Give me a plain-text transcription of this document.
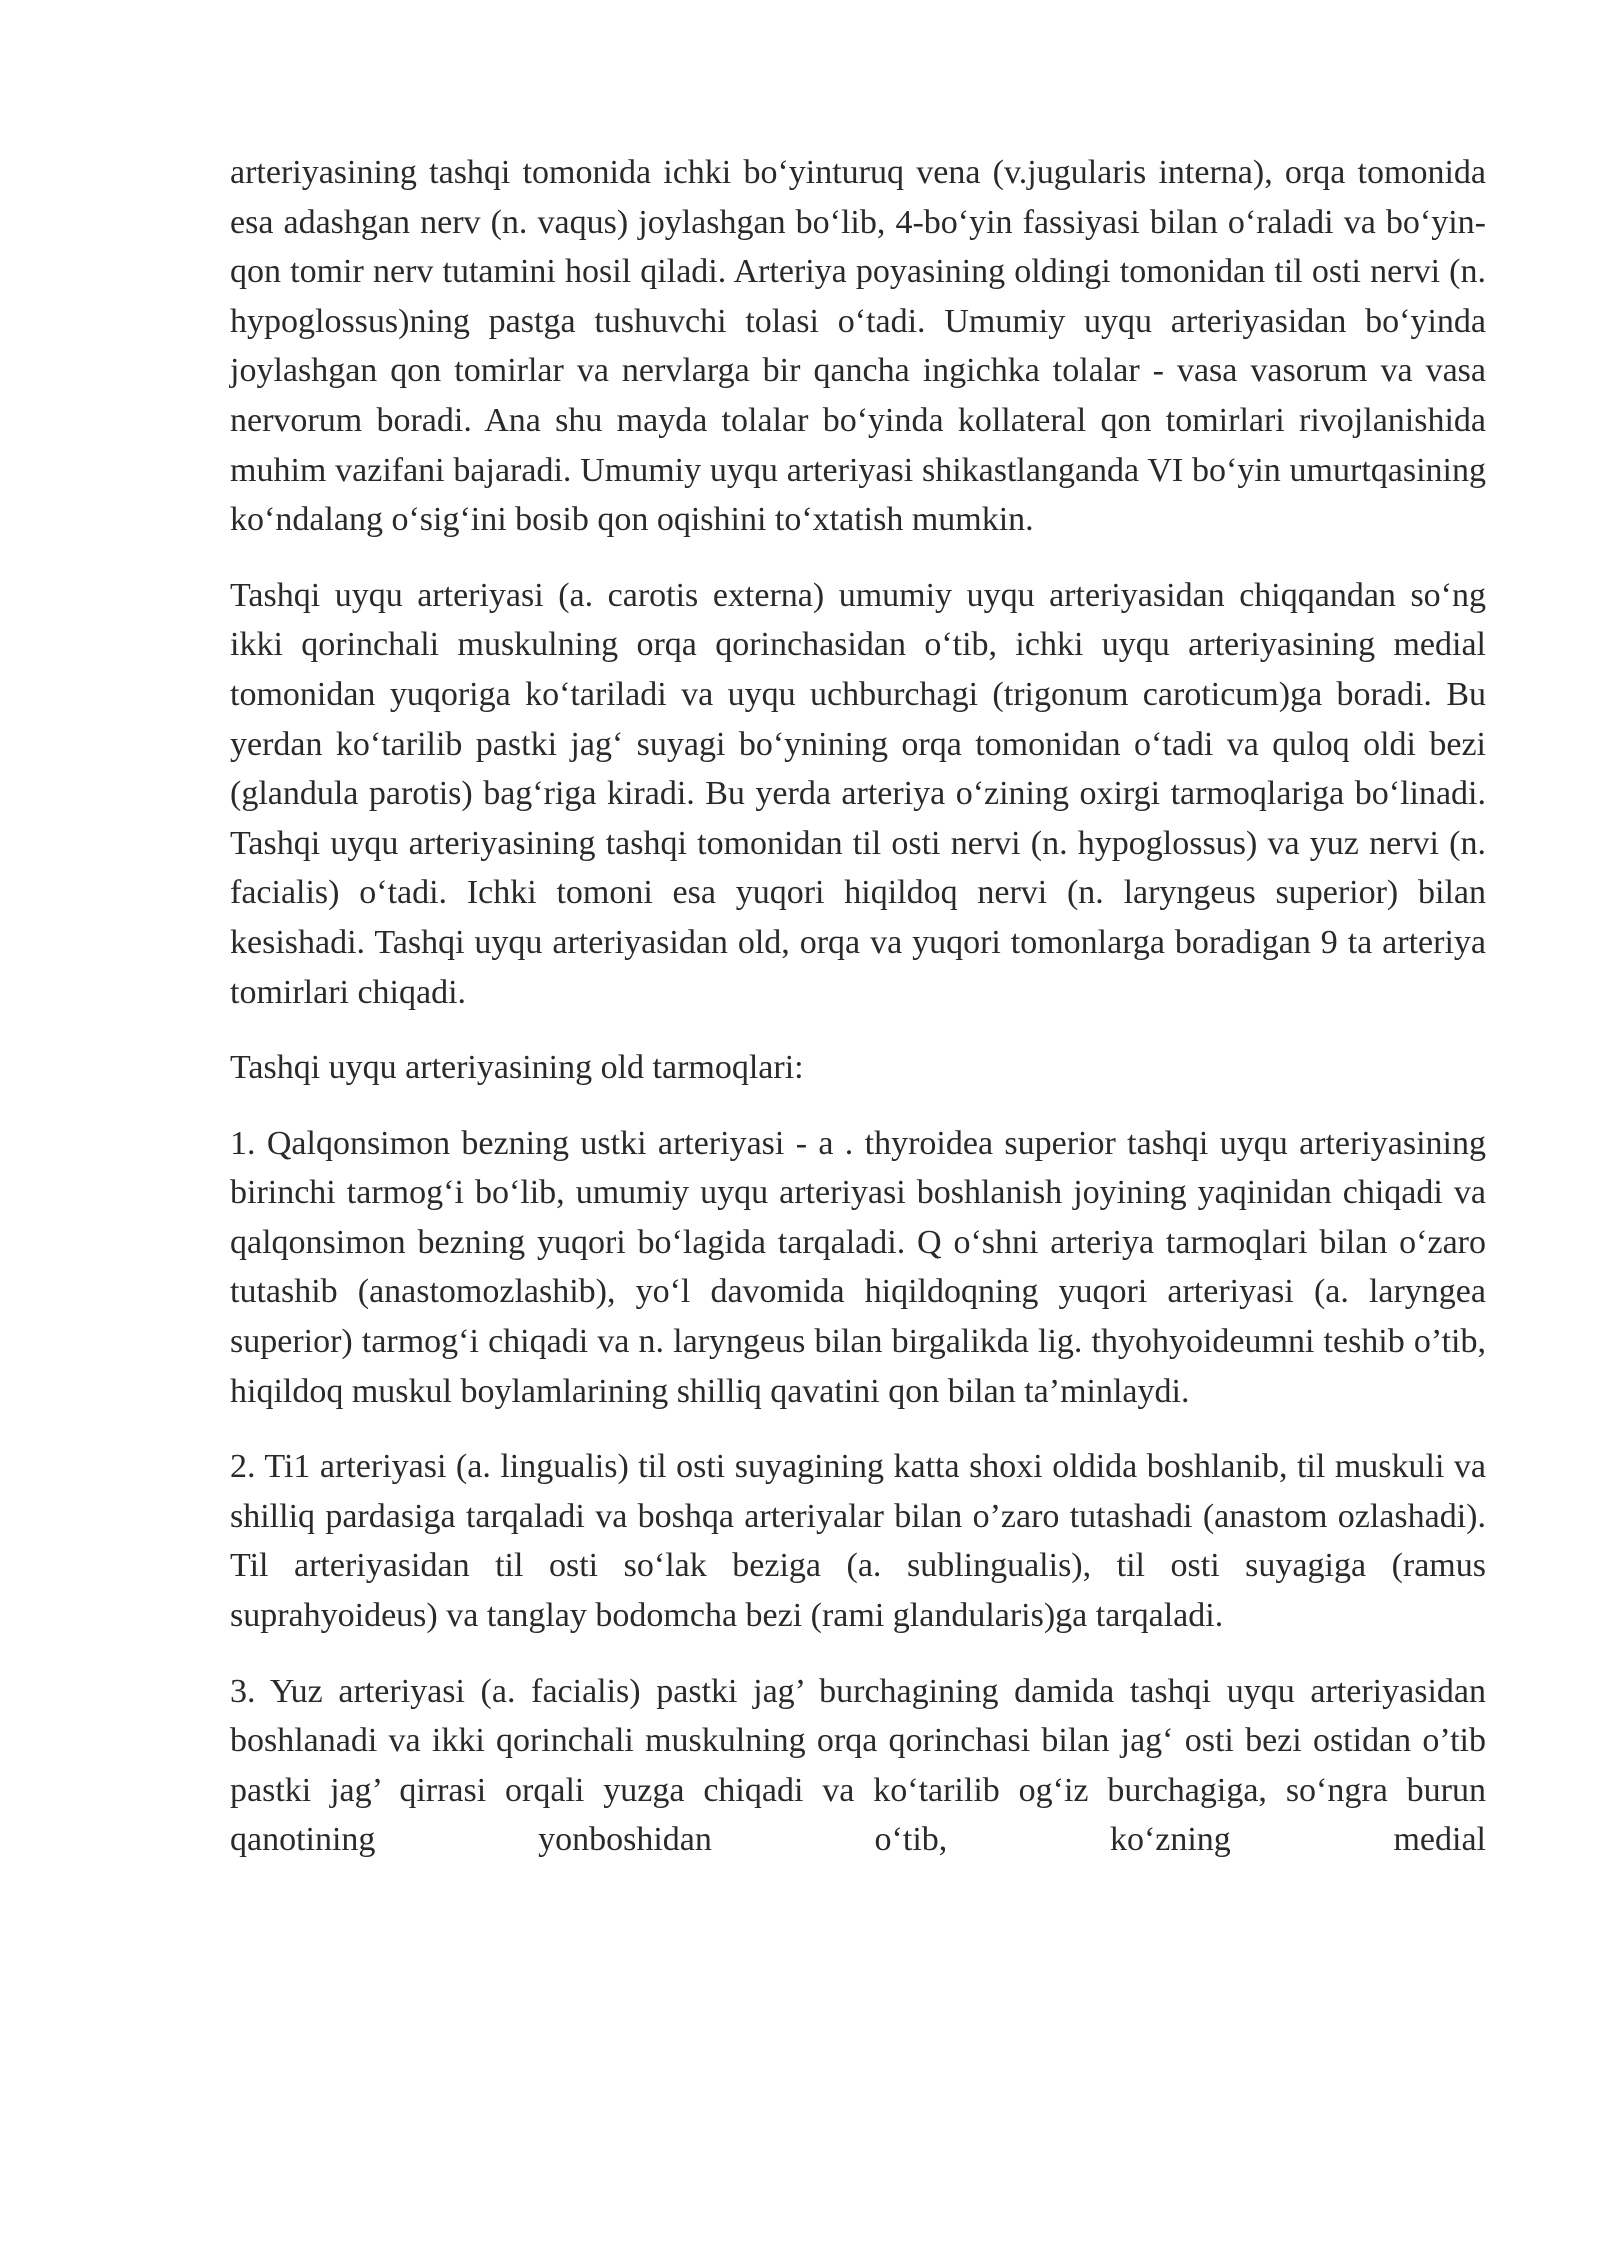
arteriyasining tashqi tomonida ichki bo‘yinturuq vena (v.jugularis interna), orqa tomonida esa adashgan nerv (n. vaqus) joylashgan bo‘lib, 4-bo‘yin fassiyasi bilan o‘raladi va bo‘yin-qon tomir nerv tutamini hosil qiladi. Arteriya poyasining oldingi tomonidan til osti nervi (n. hypoglossus)ning pastga tushuvchi tolasi o‘tadi. Umumiy uyqu arteriyasidan bo‘yinda joylashgan qon tomirlar va nervlarga bir qancha ingichka tolalar - vasa vasorum va vasa nervorum boradi. Ana shu mayda tolalar bo‘yinda kollateral qon tomirlari rivojlanishida muhim vazifani bajaradi. Umumiy uyqu arteriyasi shikastlanganda VI bo‘yin umurtqasining ko‘ndalang o‘sig‘ini bosib qon oqishini to‘xtatish mumkin.

Tashqi uyqu arteriyasi (a. carotis externa) umumiy uyqu arteriyasidan chiqqandan so‘ng ikki qorinchali muskulning orqa qorinchasidan o‘tib, ichki uyqu arteriyasining medial tomonidan yuqoriga ko‘tariladi va uyqu uchburchagi (trigonum caroticum)ga boradi. Bu yerdan ko‘tarilib pastki jag‘ suyagi bo‘ynining orqa tomonidan o‘tadi va quloq oldi bezi (glandula parotis) bag‘riga kiradi. Bu yerda arteriya o‘zining oxirgi tarmoqlariga bo‘linadi. Tashqi uyqu arteriyasining tashqi tomonidan til osti nervi (n. hypoglossus) va yuz nervi (n. facialis) o‘tadi. Ichki tomoni esa yuqori hiqildoq nervi (n. laryngeus superior) bilan kesishadi. Tashqi uyqu arteriyasidan old, orqa va yuqori tomonlarga boradigan 9 ta arteriya tomirlari chiqadi.

Tashqi uyqu arteriyasining old tarmoqlari:

1. Qalqonsimon bezning ustki arteriyasi - a . thyroidea superior tashqi uyqu arteriyasining birinchi tarmog‘i bo‘lib, umumiy uyqu arteriyasi boshlanish joyining yaqinidan chiqadi va qalqonsimon bezning yuqori bo‘lagida tarqaladi. Q o‘shni arteriya tarmoqlari bilan o‘zaro tutashib (anastomozlashib), yo‘l davomida hiqildoqning yuqori arteriyasi (a. laryngea superior) tarmog‘i chiqadi va n. laryngeus bilan birgalikda lig. thyohyoideumni teshib o’tib, hiqildoq muskul boylamlarining shilliq qavatini qon bilan ta’minlaydi.

2. Ti1 arteriyasi (a. lingualis) til osti suyagining katta shoxi oldida boshlanib, til muskuli va shilliq pardasiga tarqaladi va boshqa arteriyalar bilan o’zaro tutashadi (anastom ozlashadi). Til arteriyasidan til osti so‘lak beziga (a. sublingualis), til osti suyagiga (ramus suprahyoideus) va tanglay bodomcha bezi (rami glandularis)ga tarqaladi.

3. Yuz arteriyasi (a. facialis) pastki jag’ burchagining damida tashqi uyqu arteriyasidan boshlanadi va ikki qorinchali muskulning orqa qorinchasi bilan jag‘ osti bezi ostidan o’tib pastki jag’ qirrasi orqali yuzga chiqadi va ko‘tarilib og‘iz burchagiga, so‘ngra burun qanotining yonboshidan o‘tib, ko‘zning medial
